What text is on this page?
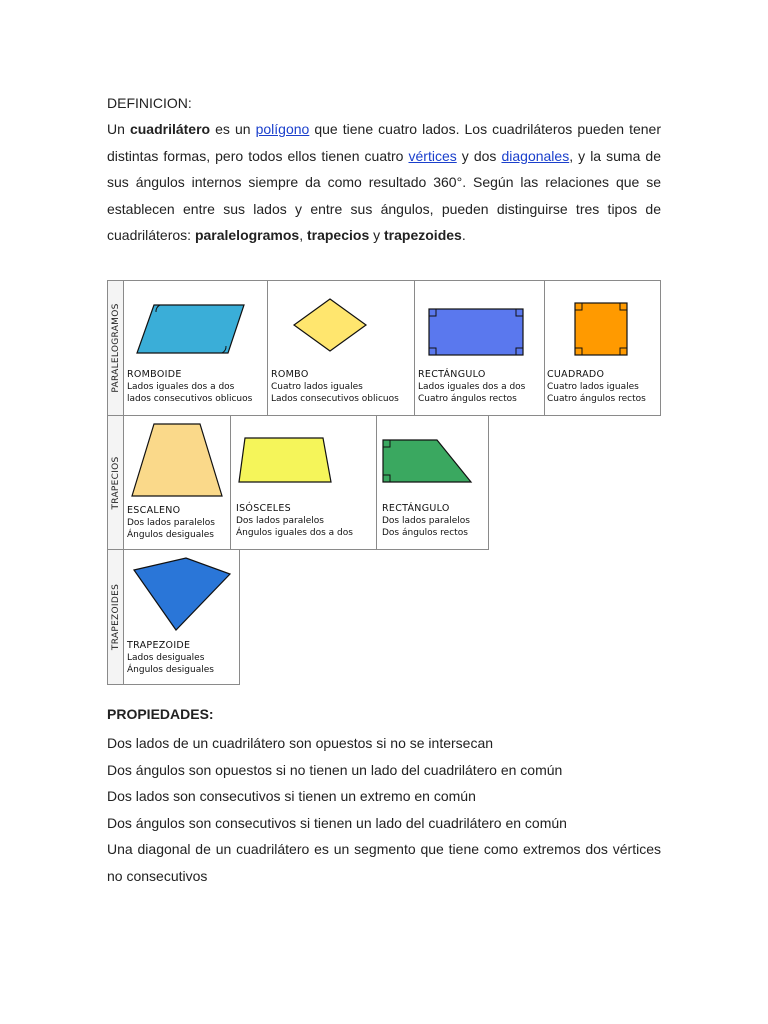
DEFINICION:

Un cuadrilátero es un polígono que tiene cuatro lados. Los cuadriláteros pueden tener distintas formas, pero todos ellos tienen cuatro vértices y dos diagonales, y la suma de sus ángulos internos siempre da como resultado 360°. Según las relaciones que se establecen entre sus lados y entre sus ángulos, pueden distinguirse tres tipos de cuadriláteros: paralelogramos, trapecios y trapezoides.

PARALELOGRAMOS ROMBOIDE
Lados iguales dos a dos
lados consecutivos oblicuos
ROMBO
Cuatro lados iguales
Lados consecutivos oblicuos
RECTÁNGULO
Lados iguales dos a dos
Cuatro ángulos rectos
CUADRADO
Cuatro lados iguales
Cuatro ángulos rectos
TRAPECIOS
ESCALENO
Dos lados paralelos
Ángulos desiguales
ISÓSCELES
Dos lados paralelos
Ángulos iguales dos a dos
RECTÁNGULO
Dos lados paralelos
Dos ángulos rectos
TRAPEZOIDES TRAPEZOIDE
Lados desiguales
Ángulos desiguales
PROPIEDADES:
Dos lados de un cuadrilátero son opuestos si no se intersecan
Dos ángulos son opuestos si no tienen un lado del cuadrilátero en común
Dos lados son consecutivos si tienen un extremo en común
Dos ángulos son consecutivos si tienen un lado del cuadrilátero en común
Una diagonal de un cuadrilátero es un segmento que tiene como extremos dos vértices no consecutivos
